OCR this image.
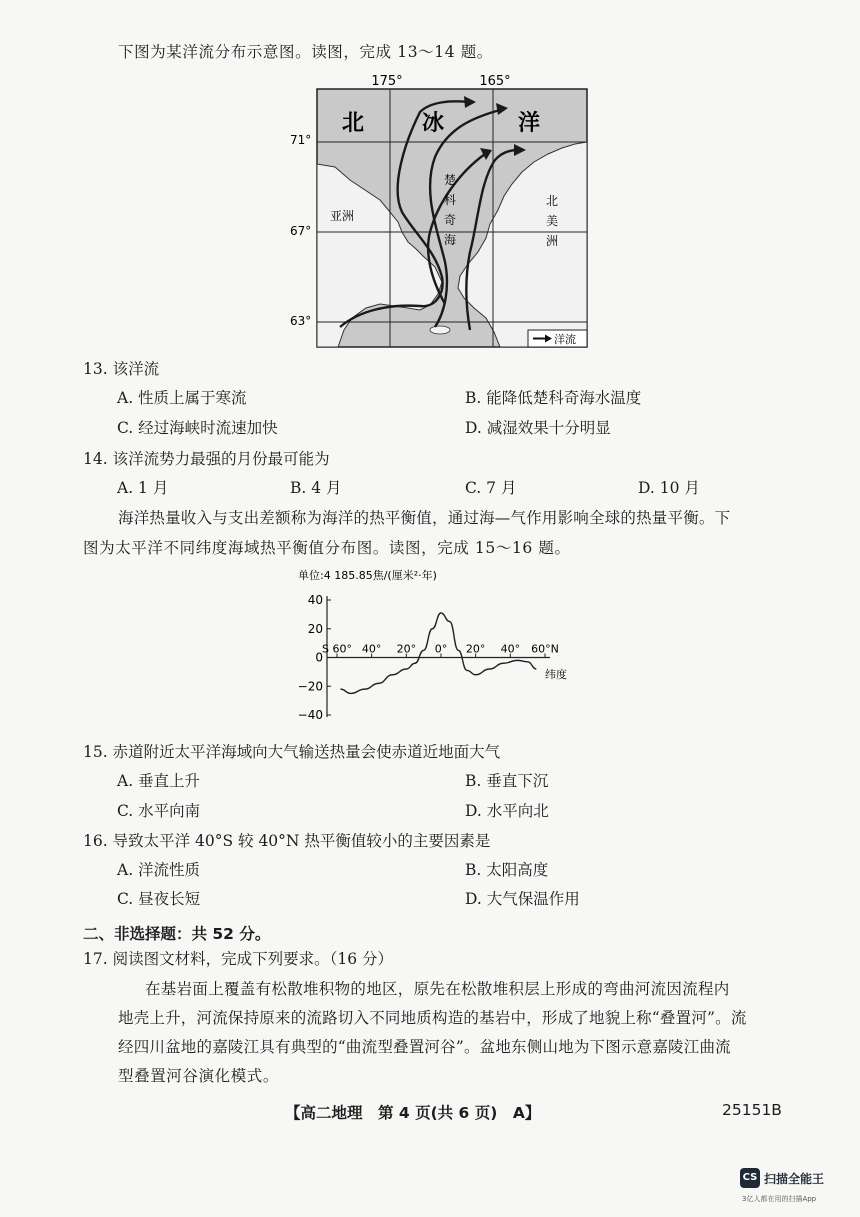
下图为某洋流分布示意图。读图，完成 13～14 题。
175°	165°
71°
67°
63°
北	冰	洋
亚洲
北
美
洲
楚
科
奇
海
洋流
13. 该洋流
A. 性质上属于寒流	B. 能降低楚科奇海水温度
C. 经过海峡时流速加快	D. 减湿效果十分明显
14. 该洋流势力最强的月份最可能为
A. 1 月	B. 4 月	C. 7 月	D. 10 月
海洋热量收入与支出差额称为海洋的热平衡值，通过海—气作用影响全球的热量平衡。下
图为太平洋不同纬度海域热平衡值分布图。读图，完成 15～16 题。
单位:4 185.85焦/(厘米²·年)
40
20
0
−20
−40
S 60° 40° 20° 0° 20° 40° 60°N
纬度
15. 赤道附近太平洋海域向大气输送热量会使赤道近地面大气
A. 垂直上升	B. 垂直下沉
C. 水平向南	D. 水平向北
16. 导致太平洋 40°S 较 40°N 热平衡值较小的主要因素是
A. 洋流性质	B. 太阳高度
C. 昼夜长短	D. 大气保温作用
二、非选择题：共 52 分。
17. 阅读图文材料，完成下列要求。（16 分）
在基岩面上覆盖有松散堆积物的地区，原先在松散堆积层上形成的弯曲河流因流程内
地壳上升，河流保持原来的流路切入不同地质构造的基岩中，形成了地貌上称“叠置河”。流
经四川盆地的嘉陵江具有典型的“曲流型叠置河谷”。盆地东侧山地为下图示意嘉陵江曲流
型叠置河谷演化模式。
【高二地理　第 4 页(共 6 页)　A】	25151B
CS 扫描全能王
3亿人都在用的扫描App
